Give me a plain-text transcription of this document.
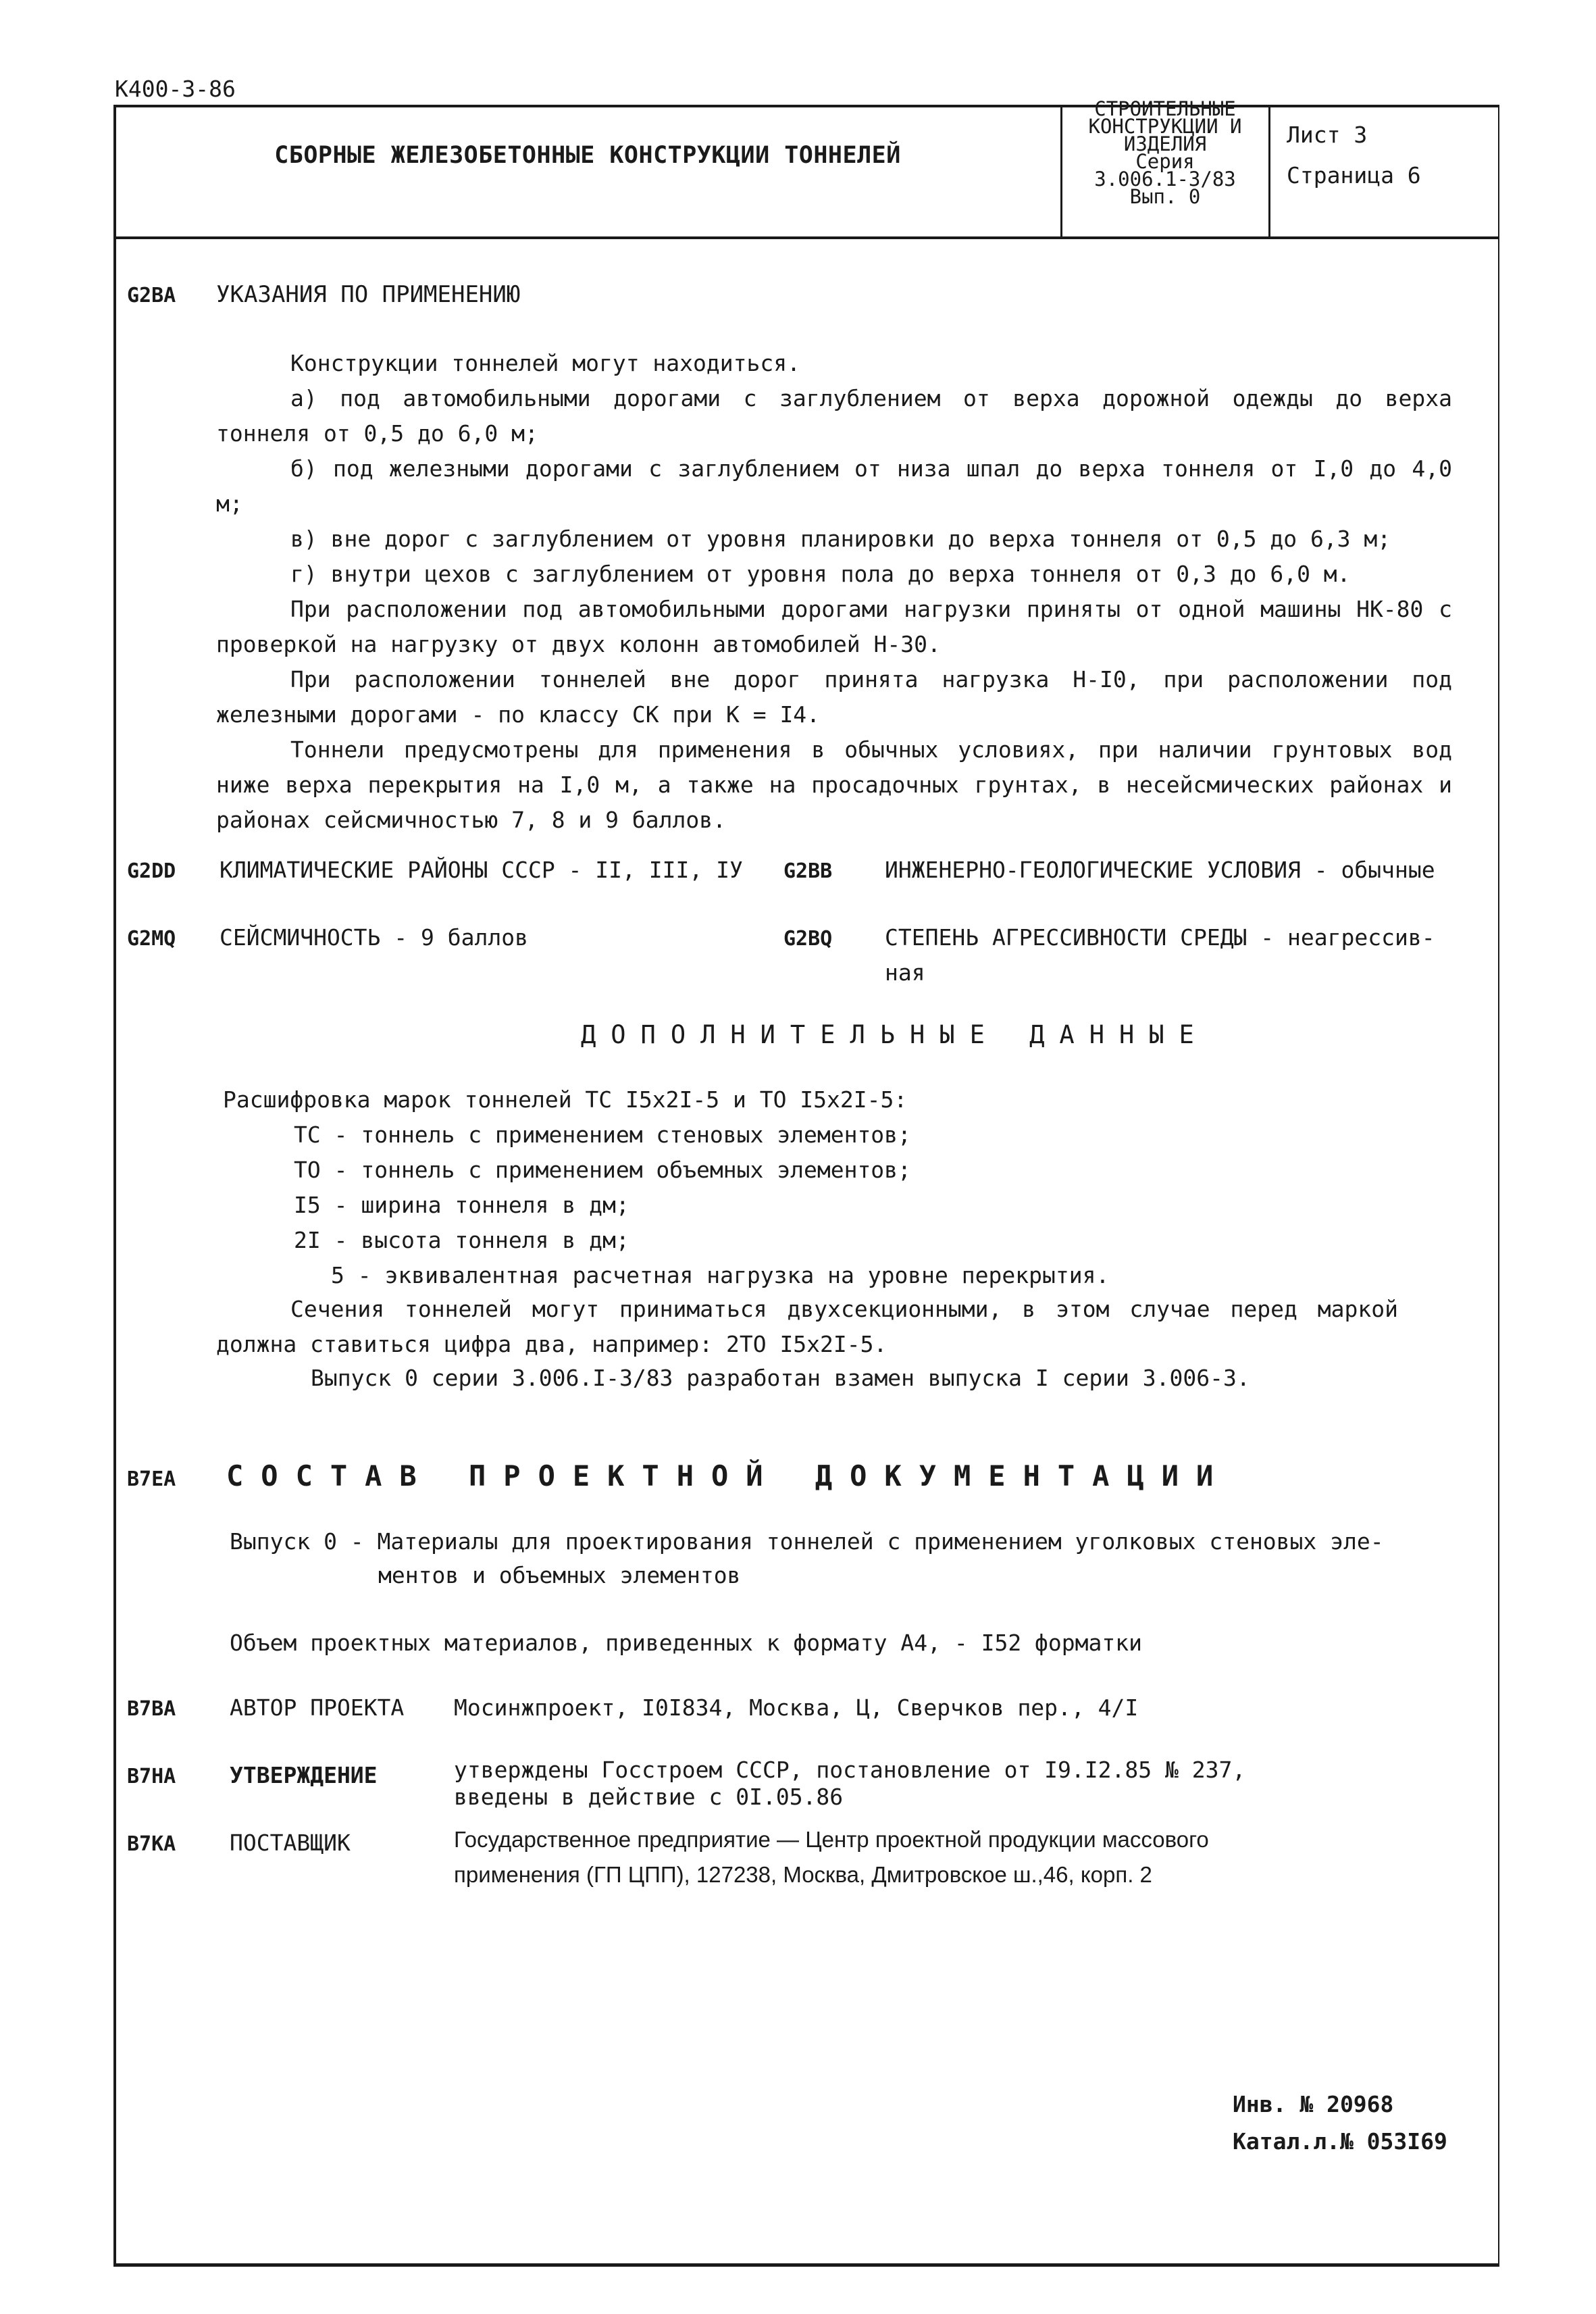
К400-3-86
СБОРНЫЕ ЖЕЛЕЗОБЕТОННЫЕ КОНСТРУКЦИИ ТОННЕЛЕЙ
СТРОИТЕЛЬНЫЕ
КОНСТРУКЦИИ И
ИЗДЕЛИЯ
Серия
3.006.1-3/83
Вып. 0
Лист 3
Страница 6
G2BA УКАЗАНИЯ ПО ПРИМЕНЕНИЮ

Конструкции тоннелей могут находиться.

а) под автомобильными дорогами с заглублением от верха дорожной одежды до верха тоннеля от 0,5 до 6,0 м;

б) под железными дорогами с заглублением от низа шпал до верха тоннеля от I,0 до 4,0 м;

в) вне дорог с заглублением от уровня планировки до верха тоннеля от 0,5 до 6,3 м;

г) внутри цехов с заглублением от уровня пола до верха тоннеля от 0,3 до 6,0 м.

При расположении под автомобильными дорогами нагрузки приняты от одной машины НК-80 с проверкой на нагрузку от двух колонн автомобилей Н-30.

При расположении тоннелей вне дорог принята нагрузка Н-I0, при расположении под железными дорогами - по классу СК при К = I4.

Тоннели предусмотрены для применения в обычных условиях, при наличии грунтовых вод ниже верха перекрытия на I,0 м, а также на просадочных грунтах, в несейсмических районах и районах сейсмичностью 7, 8 и 9 баллов.

G2DD КЛИМАТИЧЕСКИЕ РАЙОНЫ СССР - II, III, IУ G2BB ИНЖЕНЕРНО-ГЕОЛОГИЧЕСКИЕ УСЛОВИЯ - обычные
G2MQ СЕЙСМИЧНОСТЬ - 9 баллов	G2BQ СТЕПЕНЬ АГРЕССИВНОСТИ СРЕДЫ - неагрессив-
ная
ДОПОЛНИТЕЛЬНЫЕ ДАННЫЕ
Расшифровка марок тоннелей ТС I5x2I-5 и ТО I5x2I-5:
ТС - тоннель с применением стеновых элементов;
ТО - тоннель с применением объемных элементов;
I5 - ширина тоннеля в дм;
2I - высота тоннеля в дм;
5 - эквивалентная расчетная нагрузка на уровне перекрытия.

Сечения тоннелей могут приниматься двухсекционными, в этом случае перед маркой должна ставиться цифра два, например: 2ТО I5x2I-5.

Выпуск 0 серии 3.006.I-3/83 разработан взамен выпуска I серии 3.006-3.
B7EA СОСТАВ ПРОЕКТНОЙ ДОКУМЕНТАЦИИ
Выпуск 0 - Материалы для проектирования тоннелей с применением уголковых стеновых эле-
ментов и объемных элементов
Объем проектных материалов, приведенных к формату А4, - I52 форматки
B7BA АВТОР ПРОЕКТА Мосинжпроект, I0I834, Москва, Ц, Сверчков пер., 4/I
B7HA УТВЕРЖДЕНИЕ	утверждены Госстроем СССР, постановление от I9.I2.85 № 237,
введены в действие с 0I.05.86
B7KA ПОСТАВЩИК	Государственное предприятие — Центр проектной продукции массового
применения (ГП ЦПП), 127238, Москва, Дмитровское ш.,46, корп. 2
Инв. № 20968
Катал.л.№ 053I69
